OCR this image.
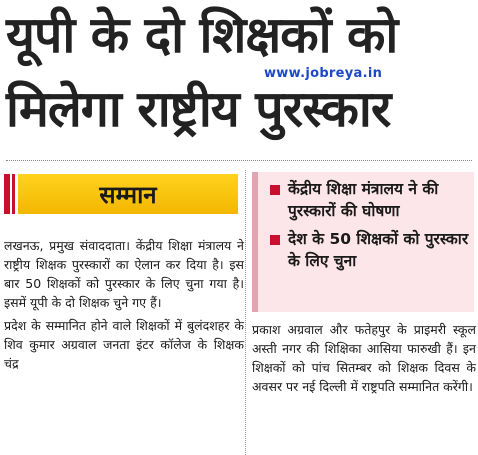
यूपी के दो शिक्षकों को
www.jobreya.in
मिलेगा राष्ट्रीय पुरस्कार
सम्मान

लखनऊ, प्रमुख संवाददाता। केंद्रीय शिक्षा मंत्रालय ने राष्ट्रीय शिक्षक पुरस्कारों का ऐलान कर दिया है। इस बार 50 शिक्षकों को पुरस्कार के लिए चुना गया है। इसमें यूपी के दो शिक्षक चुने गए हैं।

प्रदेश के सम्मानित होने वाले शिक्षकों में बुलंदशहर के शिव कुमार अग्रवाल जनता इंटर कॉलेज के शिक्षक चंद्र

केंद्रीय शिक्षा मंत्रालय ने की पुरस्कारों की घोषणा
देश के 50 शिक्षकों को पुरस्कार के लिए चुना

प्रकाश अग्रवाल और फतेहपुर के प्राइमरी स्कूल अस्ती नगर की शिक्षिका आसिया फारुखी हैं। इन शिक्षकों को पांच सितम्बर को शिक्षक दिवस के अवसर पर नई दिल्ली में राष्ट्रपति सम्मानित करेंगी।
